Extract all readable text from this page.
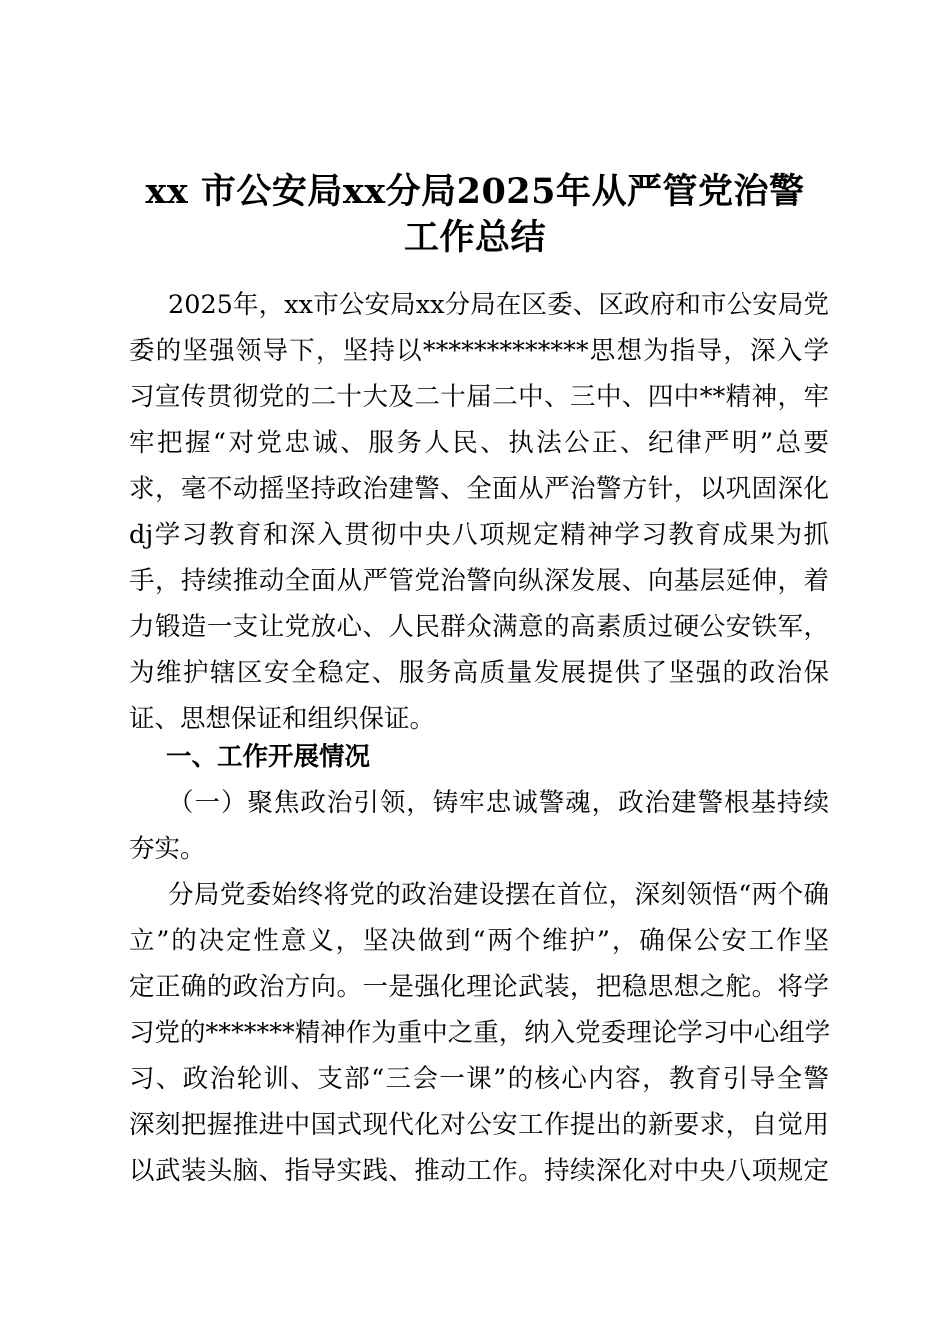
xx 市公安局xx分局2025年从严管党治警
工作总结
2025年，xx市公安局xx分局在区委、区政府和市公安局党
委的坚强领导下，坚持以*************思想为指导，深入学
习宣传贯彻党的二十大及二十届二中、三中、四中**精神，牢
牢把握“对党忠诚、服务人民、执法公正、纪律严明”总要
求，毫不动摇坚持政治建警、全面从严治警方针，以巩固深化
dj学习教育和深入贯彻中央八项规定精神学习教育成果为抓
手，持续推动全面从严管党治警向纵深发展、向基层延伸，着
力锻造一支让党放心、人民群众满意的高素质过硬公安铁军，
为维护辖区安全稳定、服务高质量发展提供了坚强的政治保
证、思想保证和组织保证。
一、工作开展情况
（一）聚焦政治引领，铸牢忠诚警魂，政治建警根基持续
夯实。
分局党委始终将党的政治建设摆在首位，深刻领悟“两个确
立”的决定性意义，坚决做到“两个维护”，确保公安工作坚
定正确的政治方向。一是强化理论武装，把稳思想之舵。将学
习党的*******精神作为重中之重，纳入党委理论学习中心组学
习、政治轮训、支部“三会一课”的核心内容，教育引导全警
深刻把握推进中国式现代化对公安工作提出的新要求，自觉用
以武装头脑、指导实践、推动工作。持续深化对中央八项规定
